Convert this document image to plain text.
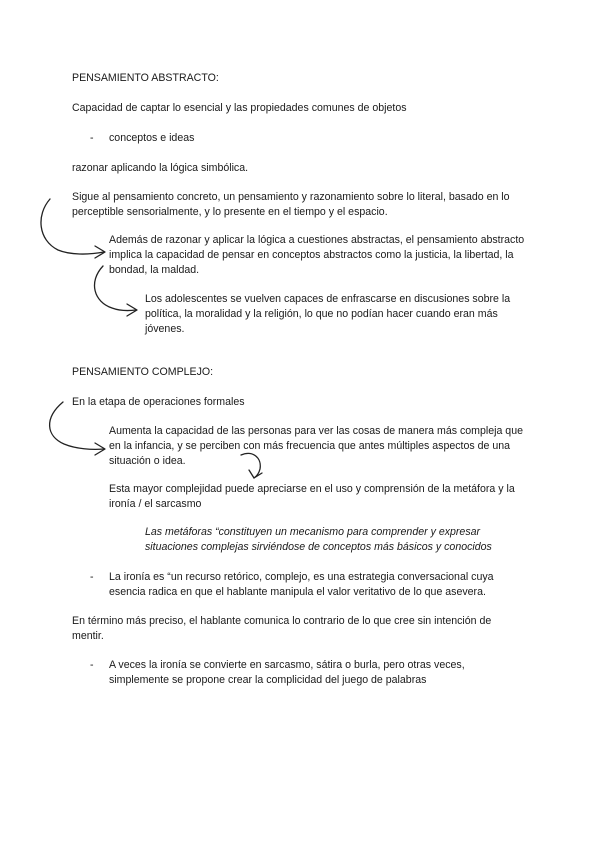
PENSAMIENTO ABSTRACTO:

Capacidad de captar lo esencial y las propiedades comunes de objetos

- conceptos e ideas

razonar aplicando la lógica simbólica.

Sigue al pensamiento concreto, un pensamiento y razonamiento sobre lo literal, basado en lo perceptible sensorialmente, y lo presente en el tiempo y el espacio.

Además de razonar y aplicar la lógica a cuestiones abstractas, el pensamiento abstracto implica la capacidad de pensar en conceptos abstractos como la justicia, la libertad, la bondad, la maldad.

Los adolescentes se vuelven capaces de enfrascarse en discusiones sobre la política, la moralidad y la religión, lo que no podían hacer cuando eran más jóvenes.

PENSAMIENTO COMPLEJO:

En la etapa de operaciones formales

Aumenta la capacidad de las personas para ver las cosas de manera más compleja que en la infancia, y se perciben con más frecuencia que antes múltiples aspectos de una situación o idea.

Esta mayor complejidad puede apreciarse en el uso y comprensión de la metáfora y la ironía / el sarcasmo

Las metáforas “constituyen un mecanismo para comprender y expresar situaciones complejas sirviéndose de conceptos más básicos y conocidos

- La ironía es “un recurso retórico, complejo, es una estrategia conversacional cuya esencia radica en que el hablante manipula el valor veritativo de lo que asevera.

En término más preciso, el hablante comunica lo contrario de lo que cree sin intención de mentir.

- A veces la ironía se convierte en sarcasmo, sátira o burla, pero otras veces, simplemente se propone crear la complicidad del juego de palabras
